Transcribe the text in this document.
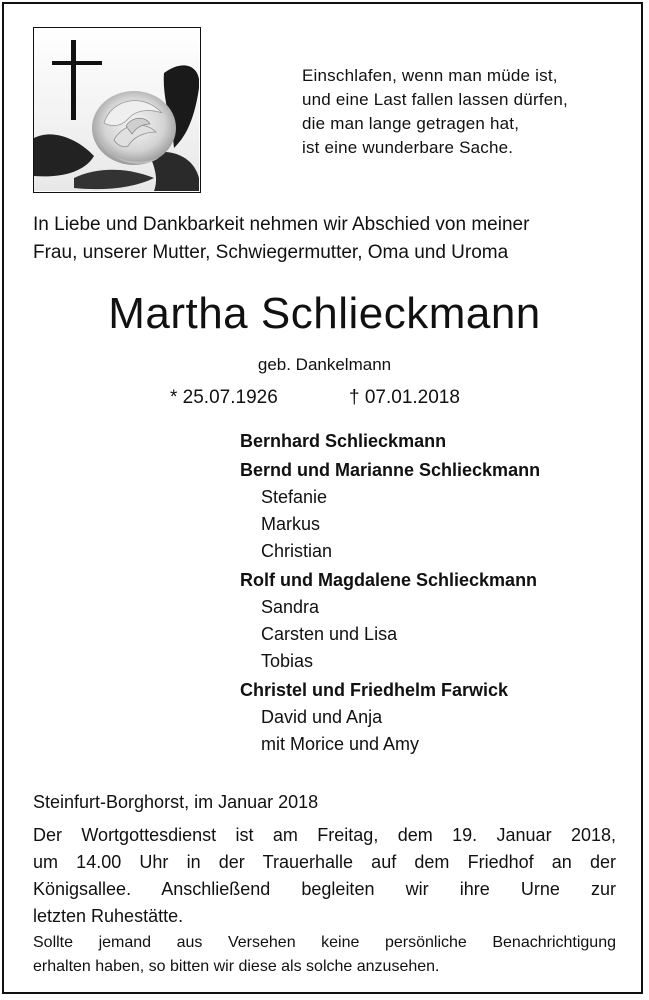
Einschlafen, wenn man müde ist,
und eine Last fallen lassen dürfen,
die man lange getragen hat,
ist eine wunderbare Sache.
In Liebe und Dankbarkeit nehmen wir Abschied von meiner
Frau, unserer Mutter, Schwiegermutter, Oma und Uroma
Martha Schlieckmann
geb. Dankelmann
* 25.07.1926	† 07.01.2018
Bernhard Schlieckmann
Bernd und Marianne Schlieckmann
Stefanie
Markus
Christian
Rolf und Magdalene Schlieckmann
Sandra
Carsten und Lisa
Tobias
Christel und Friedhelm Farwick
David und Anja
mit Morice und Amy
Steinfurt-Borghorst, im Januar 2018
Der Wortgottesdienst ist am Freitag, dem 19. Januar 2018,
um 14.00 Uhr in der Trauerhalle auf dem Friedhof an der
Königsallee. Anschließend begleiten wir ihre Urne zur
letzten Ruhestätte.
Sollte jemand aus Versehen keine persönliche Benachrichtigung
erhalten haben, so bitten wir diese als solche anzusehen.
